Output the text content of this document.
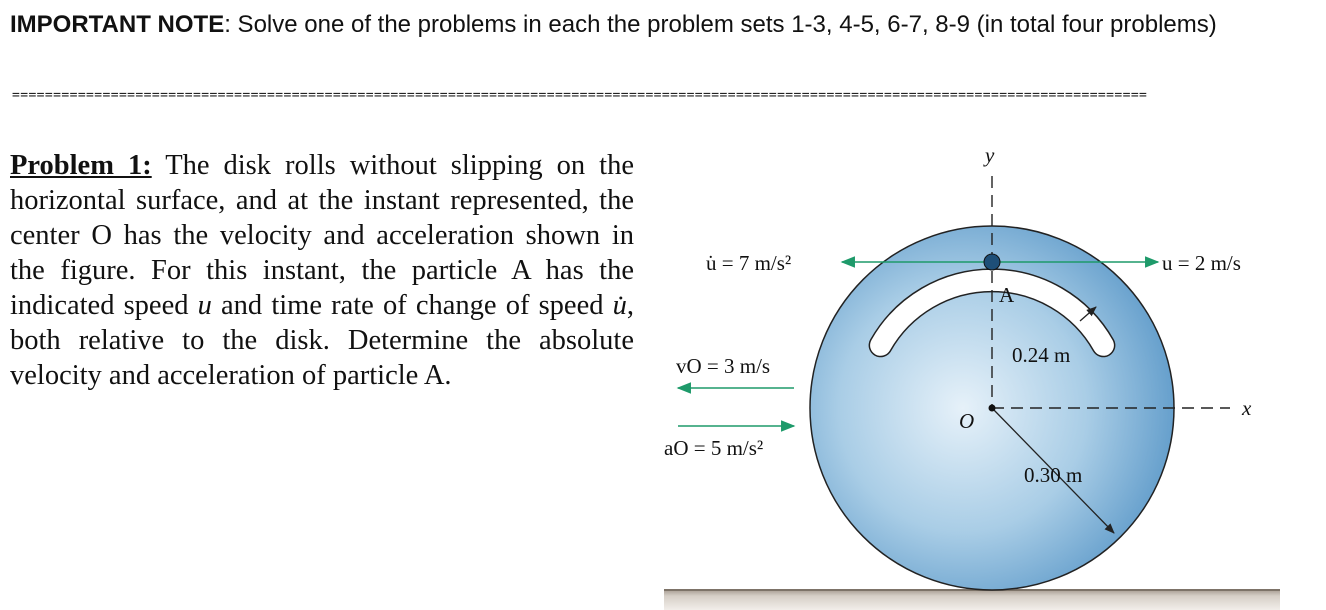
IMPORTANT NOTE: Solve one of the problems in each the problem sets 1-3, 4-5, 6-7, 8-9 (in total four problems)
==========================================================================================================================================
Problem 1: The disk rolls without slipping on the horizontal surface, and at the instant represented, the center O has the velocity and acceleration shown in the figure. For this instant, the particle A has the indicated speed u and time rate of change of speed u̇, both relative to the disk. Determine the absolute velocity and acceleration of particle A.
y
x
O
A
u̇ = 7 m/s²	u = 2 m/s
vO = 3 m/s
aO = 5 m/s²
0.24 m
0.30 m
